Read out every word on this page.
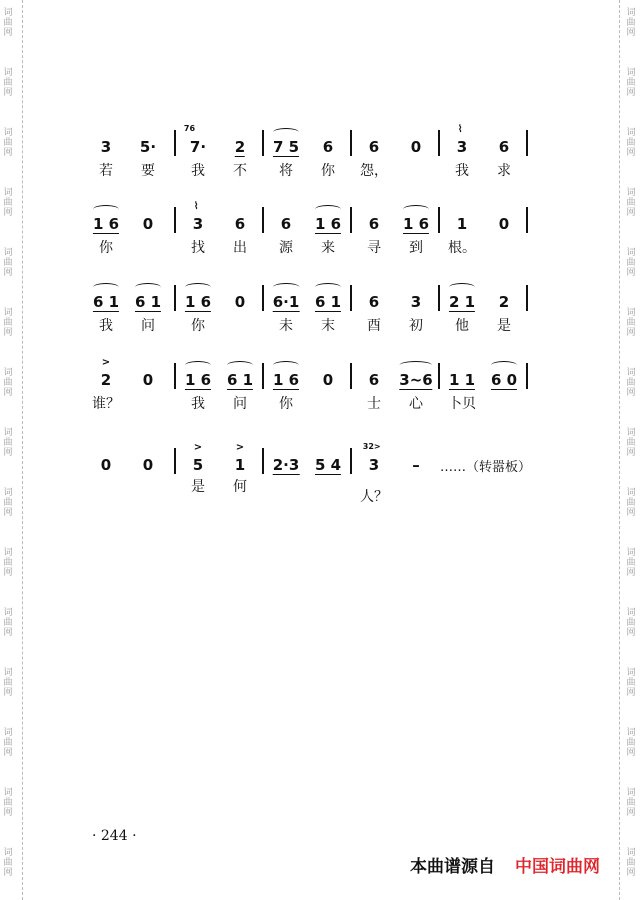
词曲网
词曲网
词曲网
词曲网
词曲网
词曲网
词曲网
词曲网
词曲网
词曲网
词曲网
词曲网
词曲网
词曲网
词曲网
词曲网
词曲网
词曲网
词曲网
词曲网
词曲网
词曲网
词曲网
词曲网
词曲网
词曲网
词曲网
词曲网
词曲网
词曲网
3
若
5·
要
7·
76
我
2
不
7 5
将
6
你
6
怨，
0 3
⌇
我
6
求
1 6
你
0	3
⌇
找
6
出
6
源
1 6
来
6
寻
1 6
到
1
根。
0
6 1
我
6 1
问
1 6
你
0 6·1
未
6 1
末
6
酉
3
初
2 1
他
2
是
2
>
谁？
0 1 6
我
6 1
问
1 6
你
0 6
士
3~6
心
1 1
卜贝
6 0
0 0	5
>
是
1
>
何
2·3 5 4 3
32>
人？
– ……（转嚣板）
· 244 ·
本曲谱源自 中国词曲网
